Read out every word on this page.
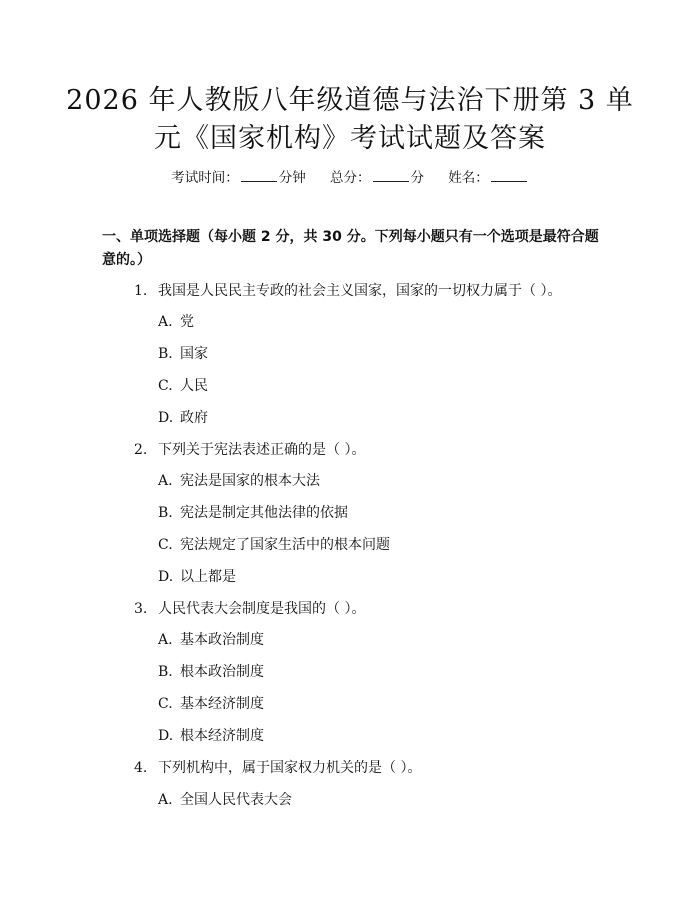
2026 年人教版八年级道德与法治下册第 3 单
元《国家机构》考试试题及答案
考试时间：	分钟 总分：	分 姓名：
一、单项选择题（每小题 2 分，共 30 分。下列每小题只有一个选项是最符合题意的。）
1. 我国是人民民主专政的社会主义国家，国家的一切权力属于（ ）。
A. 党
B. 国家
C. 人民
D. 政府
2. 下列关于宪法表述正确的是（ ）。
A. 宪法是国家的根本大法
B. 宪法是制定其他法律的依据
C. 宪法规定了国家生活中的根本问题
D. 以上都是
3. 人民代表大会制度是我国的（ ）。
A. 基本政治制度
B. 根本政治制度
C. 基本经济制度
D. 根本经济制度
4. 下列机构中，属于国家权力机关的是（ ）。
A. 全国人民代表大会
